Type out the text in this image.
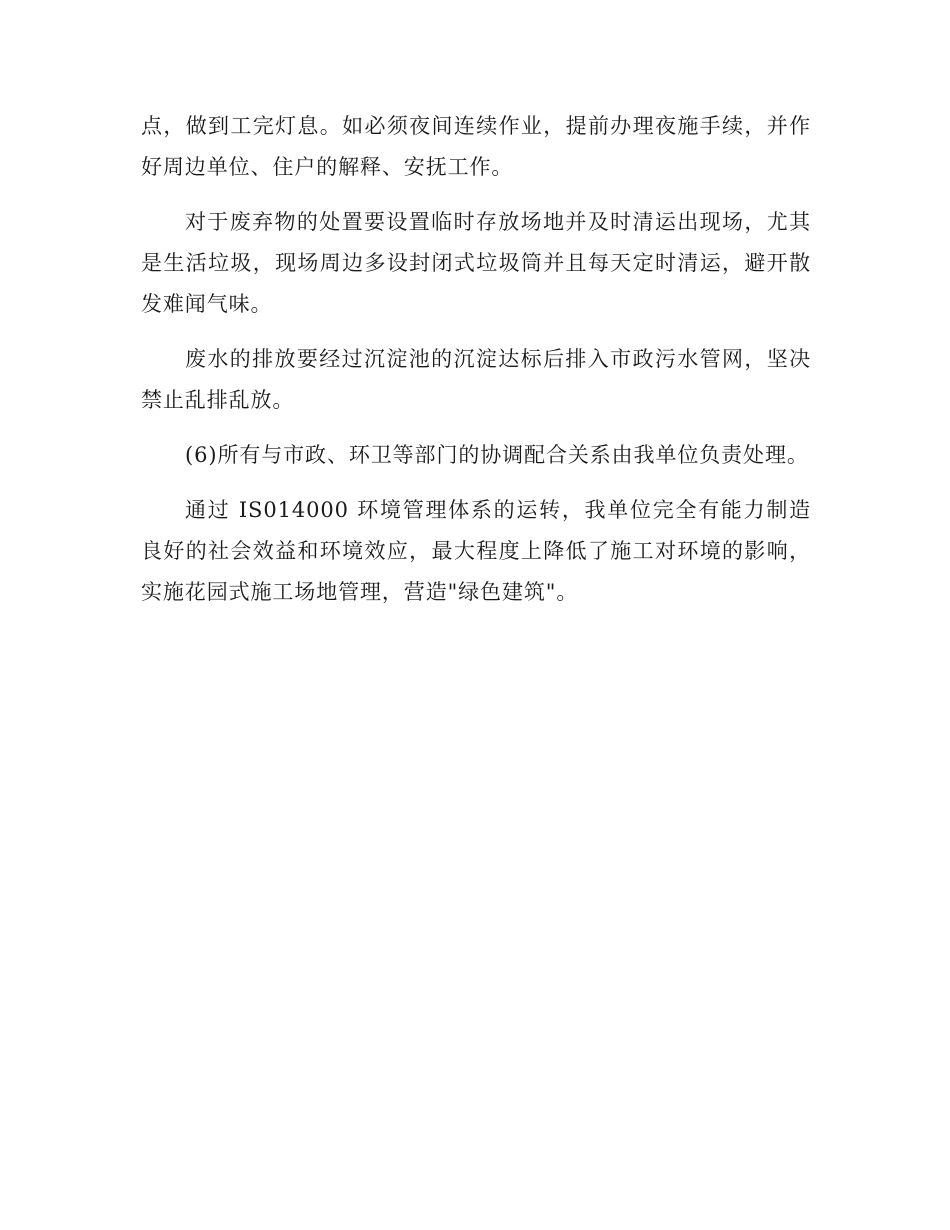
点，做到工完灯息。如必须夜间连续作业，提前办理夜施手续，并作好周边单位、住户的解释、安抚工作。

对于废弃物的处置要设置临时存放场地并及时清运出现场，尤其是生活垃圾，现场周边多设封闭式垃圾筒并且每天定时清运，避开散发难闻气味。

废水的排放要经过沉淀池的沉淀达标后排入市政污水管网，坚决禁止乱排乱放。

(6)所有与市政、环卫等部门的协调配合关系由我单位负责处理。

通过 IS014000 环境管理体系的运转，我单位完全有能力制造良好的社会效益和环境效应，最大程度上降低了施工对环境的影响，实施花园式施工场地管理，营造"绿色建筑"。
